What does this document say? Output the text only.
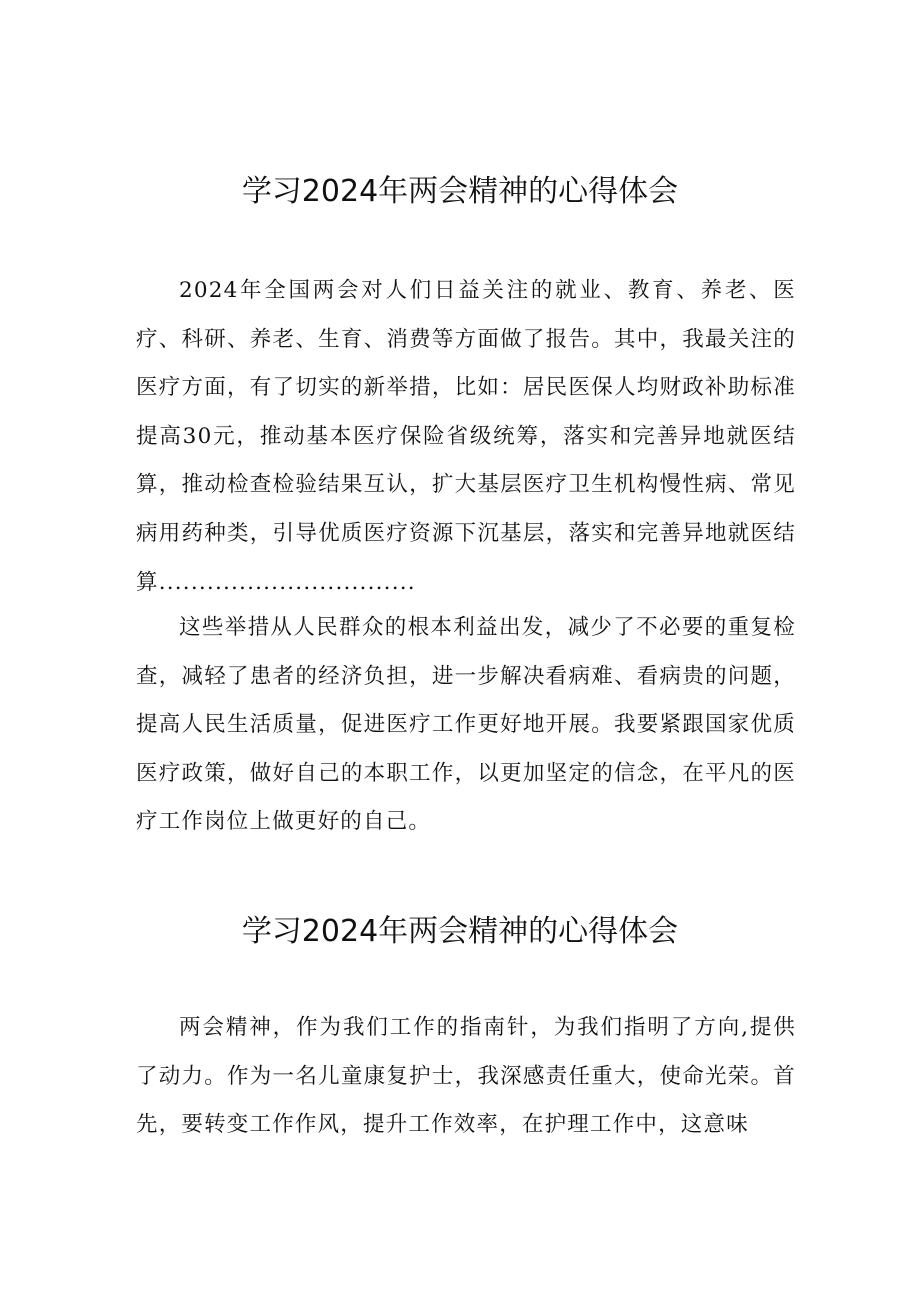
学习2024年两会精神的心得体会

2024年全国两会对人们日益关注的就业、教育、养老、医疗、科研、养老、生育、消费等方面做了报告。其中，我最关注的医疗方面，有了切实的新举措，比如：居民医保人均财政补助标准提高30元，推动基本医疗保险省级统筹，落实和完善异地就医结算，推动检查检验结果互认，扩大基层医疗卫生机构慢性病、常见病用药种类，引导优质医疗资源下沉基层，落实和完善异地就医结算................................

这些举措从人民群众的根本利益出发，减少了不必要的重复检查，减轻了患者的经济负担，进一步解决看病难、看病贵的问题，提高人民生活质量，促进医疗工作更好地开展。我要紧跟国家优质医疗政策，做好自己的本职工作，以更加坚定的信念，在平凡的医疗工作岗位上做更好的自己。

学习2024年两会精神的心得体会

两会精神，作为我们工作的指南针，为我们指明了方向,提供了动力。作为一名儿童康复护士，我深感责任重大，使命光荣。首先，要转变工作作风，提升工作效率，在护理工作中，这意味
